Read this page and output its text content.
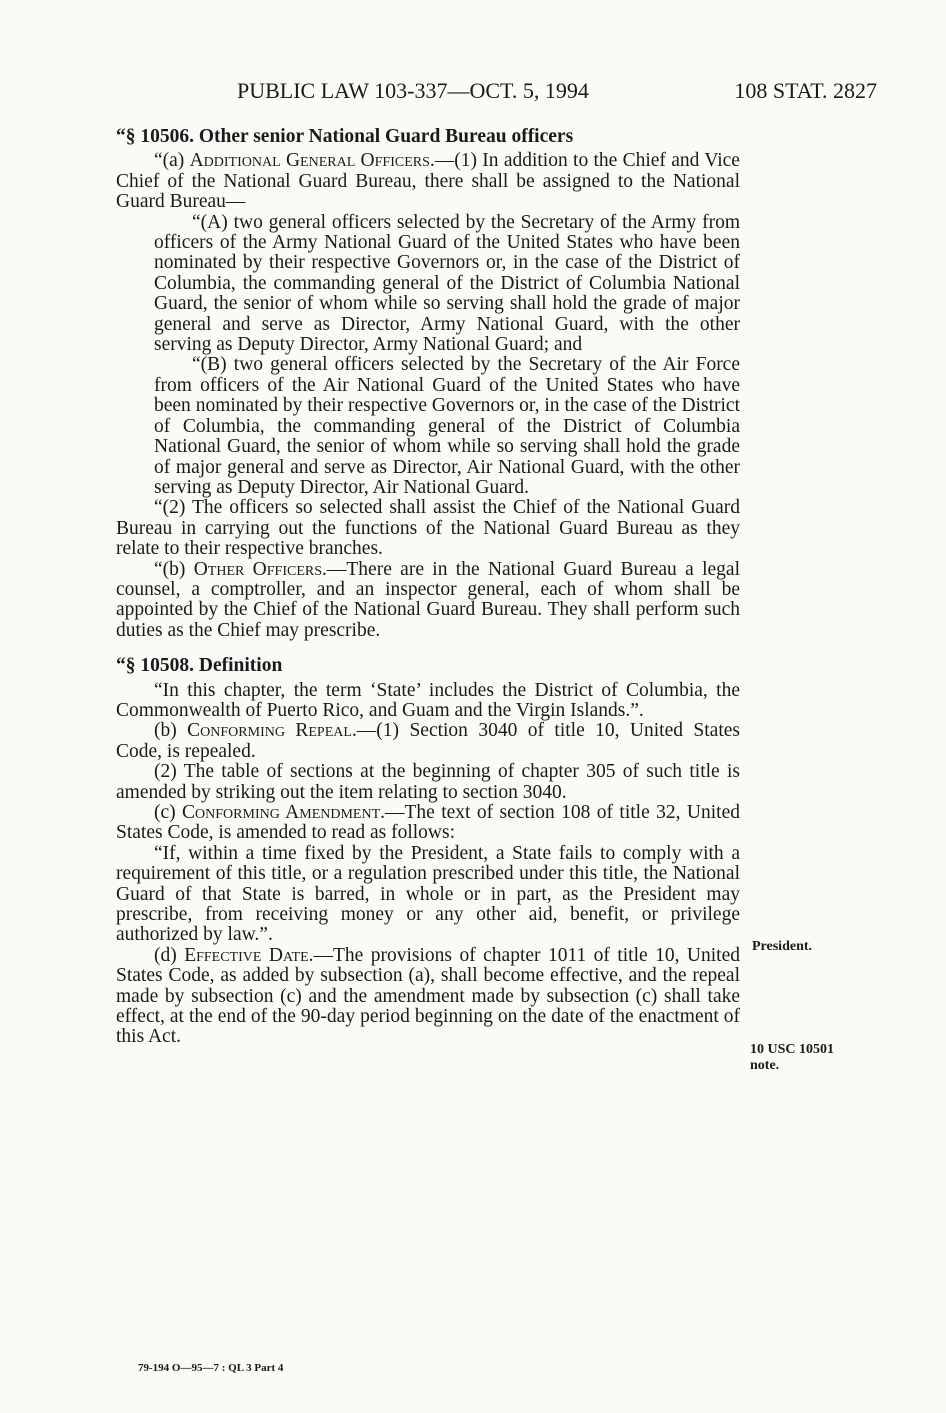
PUBLIC LAW 103-337—OCT. 5, 1994	108 STAT. 2827
“§ 10506. Other senior National Guard Bureau officers

“(a) Additional General Officers.—(1) In addition to the Chief and Vice Chief of the National Guard Bureau, there shall be assigned to the National Guard Bureau—

“(A) two general officers selected by the Secretary of the Army from officers of the Army National Guard of the United States who have been nominated by their respective Governors or, in the case of the District of Columbia, the commanding general of the District of Columbia National Guard, the senior of whom while so serving shall hold the grade of major general and serve as Director, Army National Guard, with the other serving as Deputy Director, Army National Guard; and

“(B) two general officers selected by the Secretary of the Air Force from officers of the Air National Guard of the United States who have been nominated by their respective Governors or, in the case of the District of Columbia, the commanding general of the District of Columbia National Guard, the senior of whom while so serving shall hold the grade of major general and serve as Director, Air National Guard, with the other serving as Deputy Director, Air National Guard.

“(2) The officers so selected shall assist the Chief of the National Guard Bureau in carrying out the functions of the National Guard Bureau as they relate to their respective branches.

“(b) Other Officers.—There are in the National Guard Bureau a legal counsel, a comptroller, and an inspector general, each of whom shall be appointed by the Chief of the National Guard Bureau. They shall perform such duties as the Chief may prescribe.

“§ 10508. Definition

“In this chapter, the term ‘State’ includes the District of Columbia, the Commonwealth of Puerto Rico, and Guam and the Virgin Islands.”.

(b) Conforming Repeal.—(1) Section 3040 of title 10, United States Code, is repealed.

(2) The table of sections at the beginning of chapter 305 of such title is amended by striking out the item relating to section 3040.

(c) Conforming Amendment.—The text of section 108 of title 32, United States Code, is amended to read as follows:

“If, within a time fixed by the President, a State fails to comply with a requirement of this title, or a regulation prescribed under this title, the National Guard of that State is barred, in whole or in part, as the President may prescribe, from receiving money or any other aid, benefit, or privilege authorized by law.”.

(d) Effective Date.—The provisions of chapter 1011 of title 10, United States Code, as added by subsection (a), shall become effective, and the repeal made by subsection (c) and the amendment made by subsection (c) shall take effect, at the end of the 90-day period beginning on the date of the enactment of this Act.

President.
10 USC 10501
note.
79-194 O—95—7 : QL 3 Part 4
